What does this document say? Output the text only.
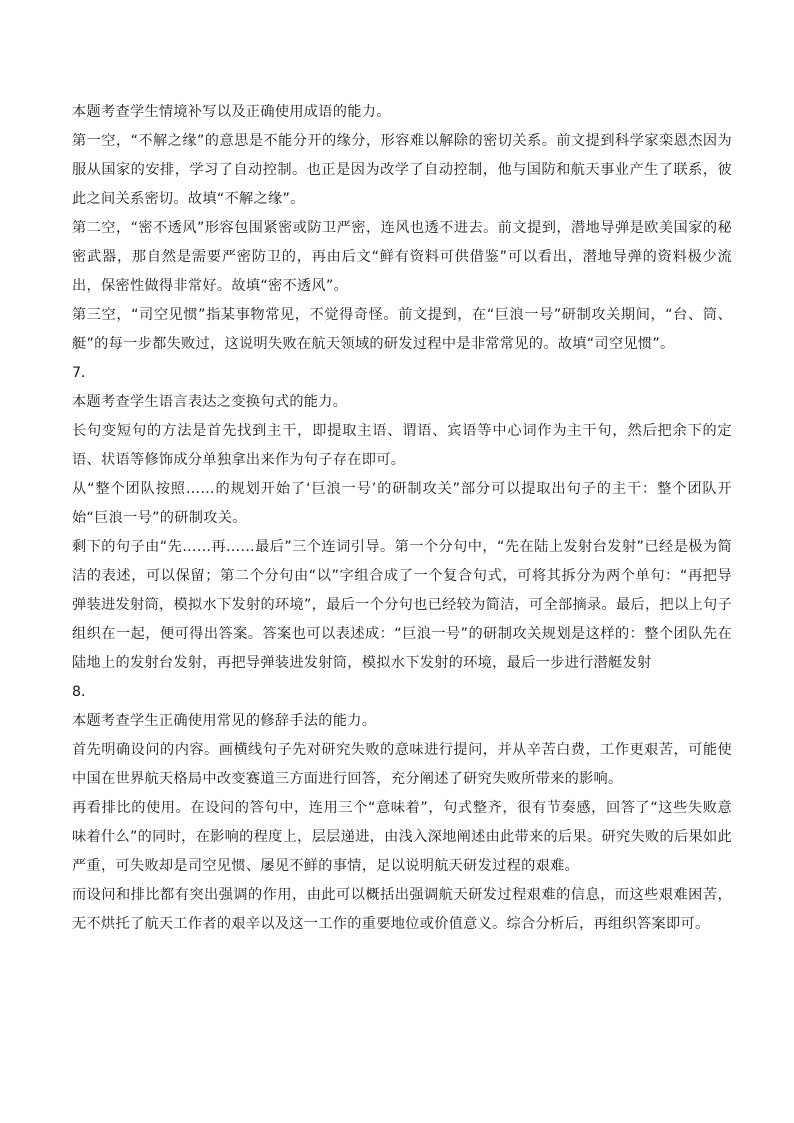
本题考查学生情境补写以及正确使用成语的能力。

第一空，“不解之缘”的意思是不能分开的缘分，形容难以解除的密切关系。前文提到科学家栾恩杰因为服从国家的安排，学习了自动控制。也正是因为改学了自动控制，他与国防和航天事业产生了联系，彼此之间关系密切。故填“不解之缘”。

第二空，“密不透风”形容包围紧密或防卫严密，连风也透不进去。前文提到，潜地导弹是欧美国家的秘密武器，那自然是需要严密防卫的，再由后文“鲜有资料可供借鉴”可以看出，潜地导弹的资料极少流出，保密性做得非常好。故填“密不透风”。

第三空，“司空见惯”指某事物常见，不觉得奇怪。前文提到，在“巨浪一号”研制攻关期间，“台、筒、艇”的每一步都失败过，这说明失败在航天领域的研发过程中是非常常见的。故填“司空见惯”。

7．

本题考查学生语言表达之变换句式的能力。

长句变短句的方法是首先找到主干，即提取主语、谓语、宾语等中心词作为主干句，然后把余下的定语、状语等修饰成分单独拿出来作为句子存在即可。

从“整个团队按照……的规划开始了‘巨浪一号’的研制攻关”部分可以提取出句子的主干：整个团队开始“巨浪一号”的研制攻关。

剩下的句子由“先……再……最后”三个连词引导。第一个分句中，“先在陆上发射台发射”已经是极为简洁的表述，可以保留；第二个分句由“以”字组合成了一个复合句式，可将其拆分为两个单句：“再把导弹装进发射筒，模拟水下发射的环境”，最后一个分句也已经较为简洁，可全部摘录。最后，把以上句子组织在一起，便可得出答案。答案也可以表述成：“巨浪一号”的研制攻关规划是这样的：整个团队先在陆地上的发射台发射，再把导弹装进发射筒，模拟水下发射的环境，最后一步进行潜艇发射

8．

本题考查学生正确使用常见的修辞手法的能力。

首先明确设问的内容。画横线句子先对研究失败的意味进行提问，并从辛苦白费，工作更艰苦，可能使中国在世界航天格局中改变赛道三方面进行回答，充分阐述了研究失败所带来的影响。

再看排比的使用。在设问的答句中，连用三个“意味着”，句式整齐，很有节奏感，回答了“这些失败意味着什么”的同时，在影响的程度上，层层递进，由浅入深地阐述由此带来的后果。研究失败的后果如此严重，可失败却是司空见惯、屡见不鲜的事情，足以说明航天研发过程的艰难。

而设问和排比都有突出强调的作用，由此可以概括出强调航天研发过程艰难的信息，而这些艰难困苦，无不烘托了航天工作者的艰辛以及这一工作的重要地位或价值意义。综合分析后，再组织答案即可。
